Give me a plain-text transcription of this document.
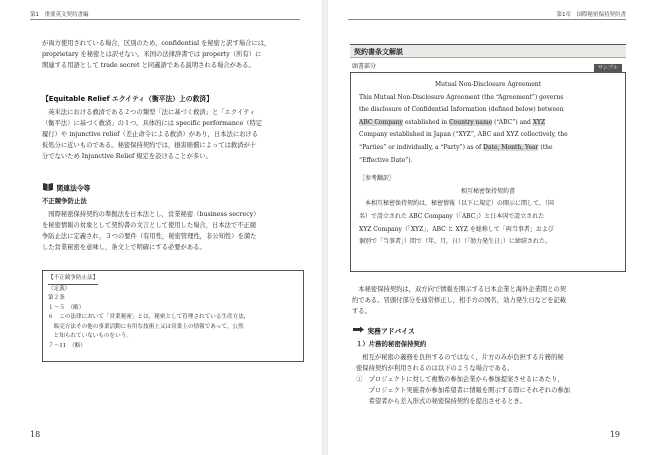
第1　重要英文契約書編

が両方使用されている場合，区別のため，confidential を秘密と訳す場合には，

proprietary を秘密とは訳せない。米国の法律辞書では property（所有）に

関連する用語として trade secret と同義語である説明される場合がある。

【Equitable Relief エクイティ（衡平法）上の救済】

英米法における救済である２つの類型「法に基づく救済」と「エクイティ

（衡平法）に基づく救済」の１つ。具体的には specific performance（特定

履行）や injunctive relief（差止命令による救済）があり，日本法における

仮処分に近いものである。秘密保持契約では，損害賠償によっては救済が十

分でないため Injunctive Relief 規定を設けることが多い。

関連法令等
不正競争防止法

国際秘密保持契約の準拠法を日本法とし，営業秘密（business secrecy）

を秘密情報の対象として契約書の文言として使用した場合，日本法で不正競

争防止法に定義され，３つの要件（有用性，秘密管理性，非公知性）を満た

した営業秘密を意味し，条文上で明確にする必要がある。

【不正競争防止法】
（定義）
第２条
１～５　（略）
６　この法律において「営業秘密」とは，秘密として管理されている生産方法，
　販売方法その他の事業活動に有用な技術上又は営業上の情報であって，公然
　と知られていないものをいう。
７～11　（略）
18
第1章　国際秘密保持契約書
契約書条文解説
頭書部分	サンプル
Mutual Non-Disclosure Agreement
This Mutual Non-Disclosure Agreement (the “Agreement”) governs
the disclosure of Confidential Information (defined below) between
ABC Company established in Country name (“ABC”) and XYZ
Company established in Japan (“XYZ”, ABC and XYZ collectively, the
“Parties” or individually, a “Party”) as of Date, Month, Year (the
“Effective Date”).
［参考翻訳］
相互秘密保持契約書
本相互秘密保持契約は，秘密情報（以下に規定）の開示に関して，（国
名）で設立された ABC Company（「ABC」）と日本国で設立された
XYZ Company（「XYZ」，ABC と XYZ を総称して「両当事者」および
個別で「当事者」）間で（年，月，日）（「効力発生日」）に締結された。

本秘密保持契約は，双方向で情報を開示する日本企業と海外企業間との契

約である。冒頭付部分を通常修正し，相手方の国名，効力発生日などを記載

する。

実務アドバイス
１）片務的秘密保持契約

相互が秘密の義務を負担するのではなく，片方のみが負担する片務的秘

密保持契約が利用されるのは以下のような場合である。

①　プロジェクトに対して複数の参加企業から参加提案させるにあたり，

　　プロジェクト実施者が参加希望者に情報を開示する際にそれぞれの参加

　　希望者から差入形式の秘密保持契約を提出させるとき。

19
